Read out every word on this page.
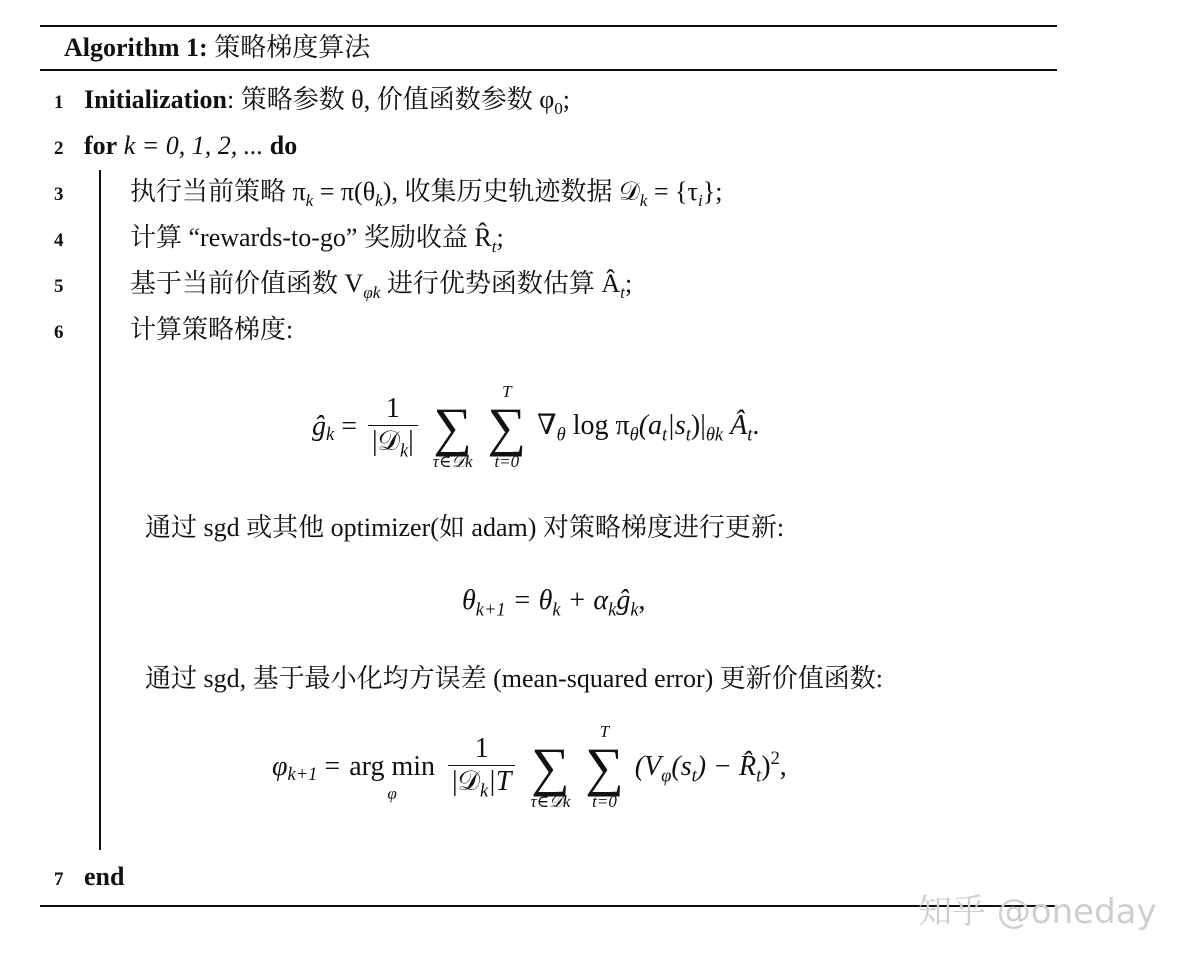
Algorithm 1: 策略梯度算法
1 Initialization: 策略参数 θ, 价值函数参数 $\varphi_0$;
2 for k = 0, 1, 2, ... do
3	执行当前策略 $\pi_k = \pi(\theta_k)$, 收集历史轨迹数据 𝒟$_k$ = $\{\tau_i\}$;
4	计算 “rewards-to-go” 奖励收益 $R̂_t$;
5	基于当前价值函数 $V_{\varphi k}$ 进行优势函数估算 $Â_t$;
6	计算策略梯度:
$ĝ_k = \frac{1}{|𝒟_k|}$

∑
τ∈𝒟k

T
∑
t=0
$\nabla_\theta$ $\log \pi_\theta(a_t|s_t)|_{\theta k}$ $Â_t$.
通过 sgd 或其他 optimizer(如 adam) 对策略梯度进行更新:
$\theta_{k+1} = \theta_k$ + $\alpha_kĝ_k$,
通过 sgd, 基于最小化均方误差 (mean-squared error) 更新价值函数:
$\varphi_{k+1}$ =
arg min
φ
	$\frac{1}{|𝒟_k|T}$

∑
τ∈𝒟k

T
∑
t=0
($V_\varphi(s_t)$ − $R̂_t)^2$,
7 end
知乎 @oneday
